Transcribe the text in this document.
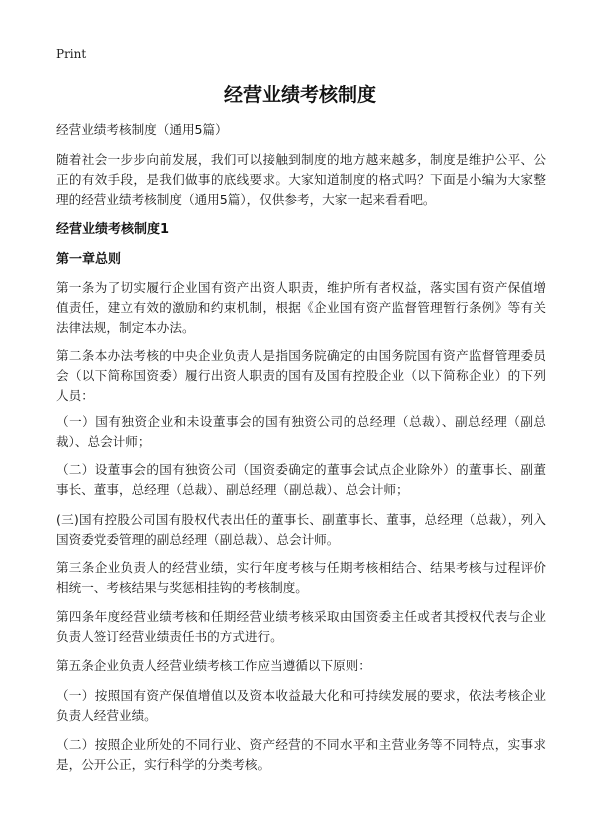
Print
经营业绩考核制度
经营业绩考核制度（通用5篇）
随着社会一步步向前发展，我们可以接触到制度的地方越来越多，制度是维护公平、公正的有效手段，是我们做事的底线要求。大家知道制度的格式吗？下面是小编为大家整理的经营业绩考核制度（通用5篇），仅供参考，大家一起来看看吧。
经营业绩考核制度1
第一章总则
第一条为了切实履行企业国有资产出资人职责，维护所有者权益，落实国有资产保值增值责任，建立有效的激励和约束机制，根据《企业国有资产监督管理暂行条例》等有关法律法规，制定本办法。
第二条本办法考核的中央企业负责人是指国务院确定的由国务院国有资产监督管理委员会（以下简称国资委）履行出资人职责的国有及国有控股企业（以下简称企业）的下列人员：
（一）国有独资企业和未设董事会的国有独资公司的总经理（总裁）、副总经理（副总裁）、总会计师；
（二）设董事会的国有独资公司（国资委确定的董事会试点企业除外）的董事长、副董事长、董事，总经理（总裁）、副总经理（副总裁）、总会计师；
(三)国有控股公司国有股权代表出任的董事长、副董事长、董事，总经理（总裁），列入国资委党委管理的副总经理（副总裁）、总会计师。
第三条企业负责人的经营业绩，实行年度考核与任期考核相结合、结果考核与过程评价相统一、考核结果与奖惩相挂钩的考核制度。
第四条年度经营业绩考核和任期经营业绩考核采取由国资委主任或者其授权代表与企业负责人签订经营业绩责任书的方式进行。
第五条企业负责人经营业绩考核工作应当遵循以下原则：
（一）按照国有资产保值增值以及资本收益最大化和可持续发展的要求，依法考核企业负责人经营业绩。
（二）按照企业所处的不同行业、资产经营的不同水平和主营业务等不同特点，实事求是，公开公正，实行科学的分类考核。
